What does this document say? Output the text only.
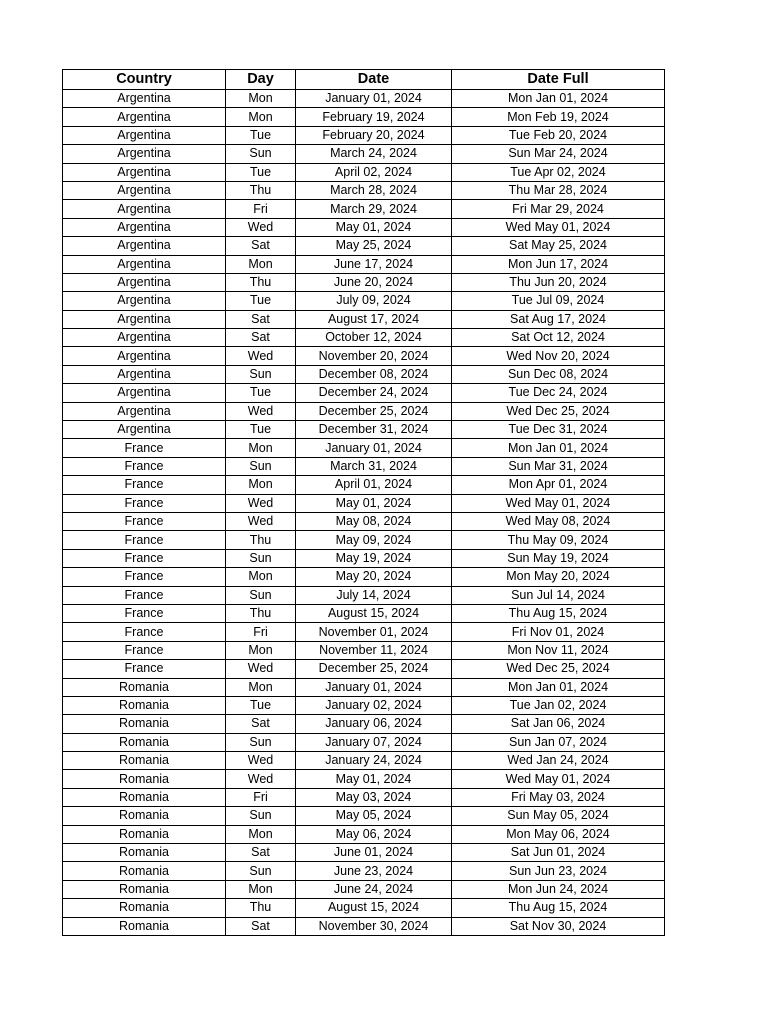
Country	Day	Date	Date Full
Argentina	Mon	January 01, 2024	Mon Jan 01, 2024
Argentina	Mon	February 19, 2024	Mon Feb 19, 2024
Argentina	Tue	February 20, 2024	Tue Feb 20, 2024
Argentina	Sun	March 24, 2024	Sun Mar 24, 2024
Argentina	Tue	April 02, 2024	Tue Apr 02, 2024
Argentina	Thu	March 28, 2024	Thu Mar 28, 2024
Argentina	Fri	March 29, 2024	Fri Mar 29, 2024
Argentina	Wed	May 01, 2024	Wed May 01, 2024
Argentina	Sat	May 25, 2024	Sat May 25, 2024
Argentina	Mon	June 17, 2024	Mon Jun 17, 2024
Argentina	Thu	June 20, 2024	Thu Jun 20, 2024
Argentina	Tue	July 09, 2024	Tue Jul 09, 2024
Argentina	Sat	August 17, 2024	Sat Aug 17, 2024
Argentina	Sat	October 12, 2024	Sat Oct 12, 2024
Argentina	Wed	November 20, 2024	Wed Nov 20, 2024
Argentina	Sun	December 08, 2024	Sun Dec 08, 2024
Argentina	Tue	December 24, 2024	Tue Dec 24, 2024
Argentina	Wed	December 25, 2024	Wed Dec 25, 2024
Argentina	Tue	December 31, 2024	Tue Dec 31, 2024
France	Mon	January 01, 2024	Mon Jan 01, 2024
France	Sun	March 31, 2024	Sun Mar 31, 2024
France	Mon	April 01, 2024	Mon Apr 01, 2024
France	Wed	May 01, 2024	Wed May 01, 2024
France	Wed	May 08, 2024	Wed May 08, 2024
France	Thu	May 09, 2024	Thu May 09, 2024
France	Sun	May 19, 2024	Sun May 19, 2024
France	Mon	May 20, 2024	Mon May 20, 2024
France	Sun	July 14, 2024	Sun Jul 14, 2024
France	Thu	August 15, 2024	Thu Aug 15, 2024
France	Fri	November 01, 2024	Fri Nov 01, 2024
France	Mon	November 11, 2024	Mon Nov 11, 2024
France	Wed	December 25, 2024	Wed Dec 25, 2024
Romania	Mon	January 01, 2024	Mon Jan 01, 2024
Romania	Tue	January 02, 2024	Tue Jan 02, 2024
Romania	Sat	January 06, 2024	Sat Jan 06, 2024
Romania	Sun	January 07, 2024	Sun Jan 07, 2024
Romania	Wed	January 24, 2024	Wed Jan 24, 2024
Romania	Wed	May 01, 2024	Wed May 01, 2024
Romania	Fri	May 03, 2024	Fri May 03, 2024
Romania	Sun	May 05, 2024	Sun May 05, 2024
Romania	Mon	May 06, 2024	Mon May 06, 2024
Romania	Sat	June 01, 2024	Sat Jun 01, 2024
Romania	Sun	June 23, 2024	Sun Jun 23, 2024
Romania	Mon	June 24, 2024	Mon Jun 24, 2024
Romania	Thu	August 15, 2024	Thu Aug 15, 2024
Romania	Sat	November 30, 2024	Sat Nov 30, 2024
